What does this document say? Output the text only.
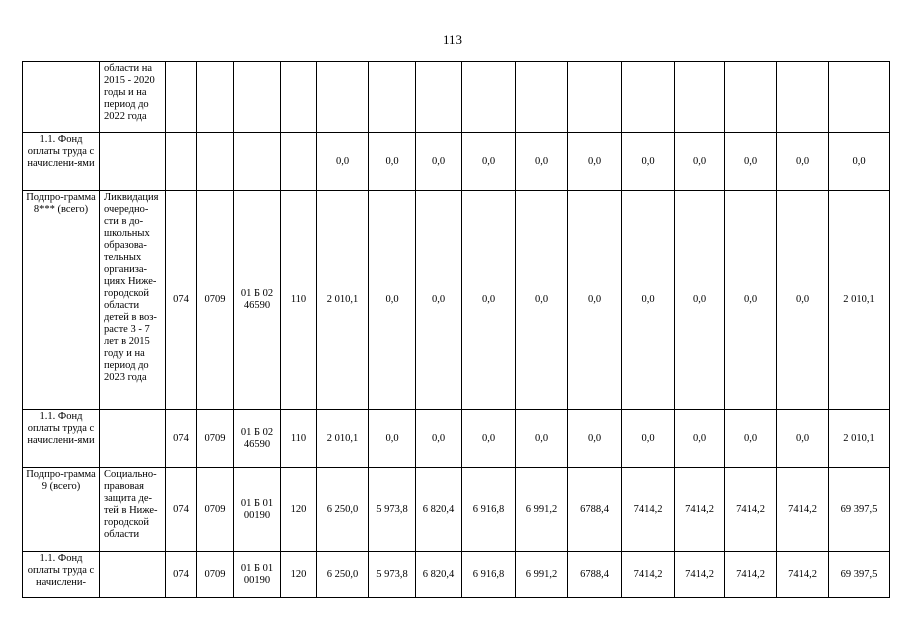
113
	области на 2015 - 2020 годы и на период до 2022 года															
1.1. Фонд оплаты труда с начислени-ями						0,0	0,0	0,0	0,0	0,0	0,0	0,0	0,0	0,0	0,0	0,0
Подпро-грамма 8*** (всего)	Ликвидация очередно-сти в до-школьных образова-тельных организа-циях Ниже-городской области детей в воз-расте 3 - 7 лет в 2015 году и на период до 2023 года	074	0709	01 Б 02 46590	110	2 010,1	0,0	0,0	0,0	0,0	0,0	0,0	0,0	0,0	0,0	2 010,1
1.1. Фонд оплаты труда с начислени-ями		074	0709	01 Б 02 46590	110	2 010,1	0,0	0,0	0,0	0,0	0,0	0,0	0,0	0,0	0,0	2 010,1
Подпро-грамма 9 (всего)	Социально-правовая защита де-тей в Ниже-городской области	074	0709	01 Б 01 00190	120	6 250,0	5 973,8	6 820,4	6 916,8	6 991,2	6788,4	7414,2	7414,2	7414,2	7414,2	69 397,5
1.1. Фонд оплаты труда с начислени-		074	0709	01 Б 01 00190	120	6 250,0	5 973,8	6 820,4	6 916,8	6 991,2	6788,4	7414,2	7414,2	7414,2	7414,2	69 397,5
